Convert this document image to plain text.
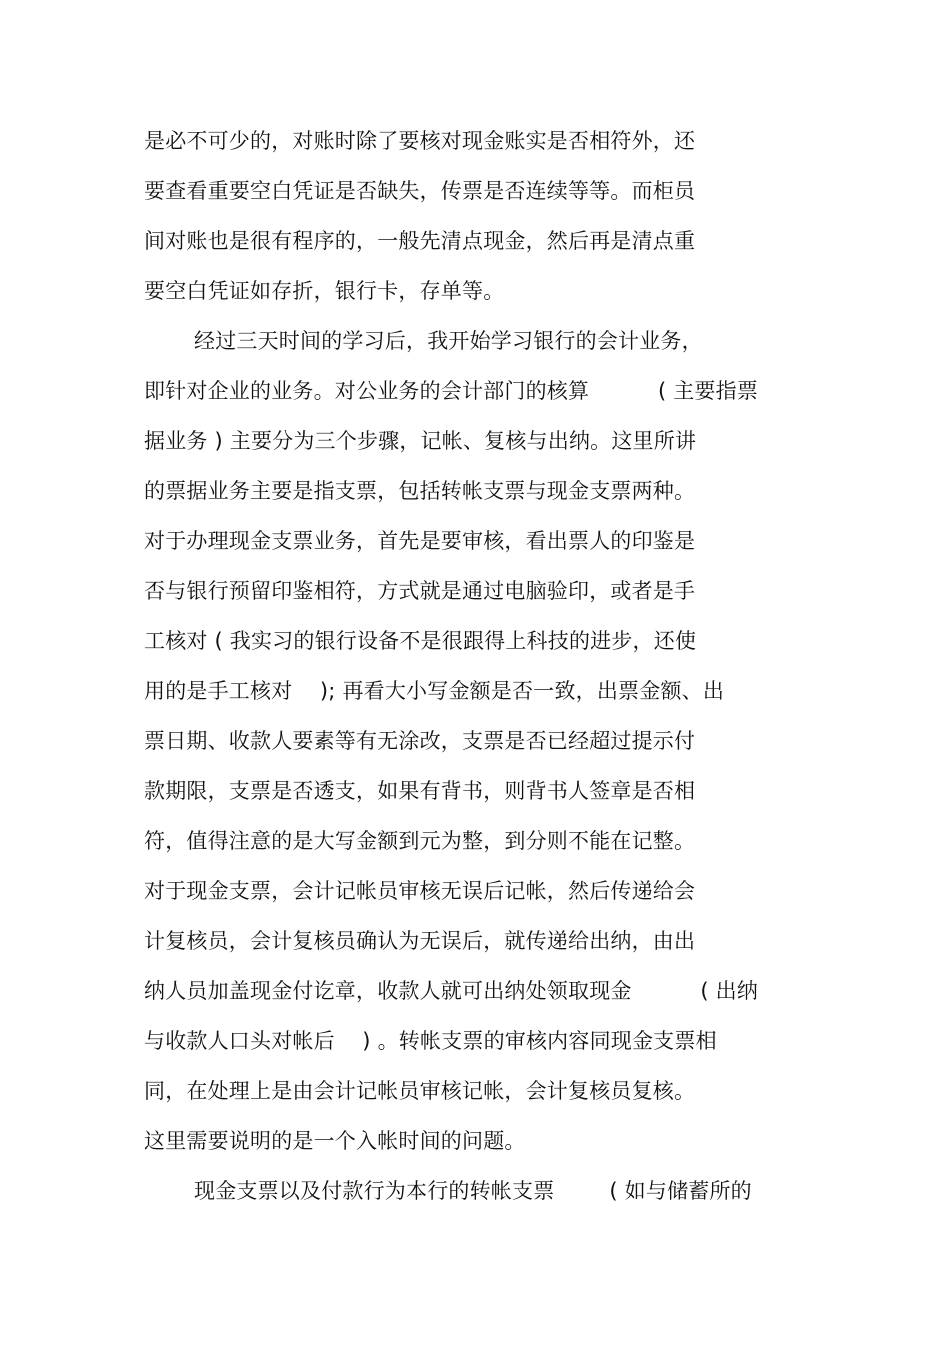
是必不可少的，对账时除了要核对现金账实是否相符外，还
要查看重要空白凭证是否缺失，传票是否连续等等。而柜员
间对账也是很有程序的，一般先清点现金，然后再是清点重
要空白凭证如存折，银行卡，存单等。
经过三天时间的学习后，我开始学习银行的会计业务，
即针对企业的业务。对公业务的会计部门的核算          ( 主要指票
据业务 ) 主要分为三个步骤，记帐、复核与出纳。这里所讲
的票据业务主要是指支票，包括转帐支票与现金支票两种。
对于办理现金支票业务，首先是要审核，看出票人的印鉴是
否与银行预留印鉴相符，方式就是通过电脑验印，或者是手
工核对 ( 我实习的银行设备不是很跟得上科技的进步，还使
用的是手工核对    ); 再看大小写金额是否一致，出票金额、出
票日期、收款人要素等有无涂改，支票是否已经超过提示付
款期限，支票是否透支，如果有背书，则背书人签章是否相
符，值得注意的是大写金额到元为整，到分则不能在记整。
对于现金支票，会计记帐员审核无误后记帐，然后传递给会
计复核员，会计复核员确认为无误后，就传递给出纳，由出
纳人员加盖现金付讫章，收款人就可出纳处领取现金          ( 出纳
与收款人口头对帐后    ) 。转帐支票的审核内容同现金支票相
同，在处理上是由会计记帐员审核记帐，会计复核员复核。
这里需要说明的是一个入帐时间的问题。
现金支票以及付款行为本行的转帐支票        ( 如与储蓄所的
